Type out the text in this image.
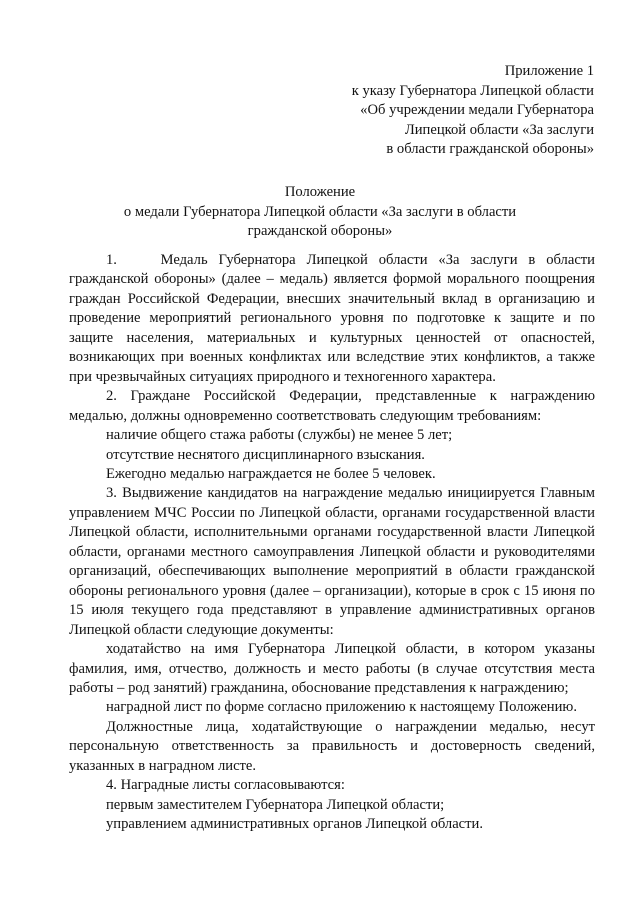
Приложение 1
к указу Губернатора Липецкой области
«Об учреждении медали Губернатора
Липецкой области «За заслуги
в области гражданской обороны»
Положение
о медали Губернатора Липецкой области «За заслуги в области
гражданской обороны»

1.    Медаль Губернатора Липецкой области «За заслуги в области гражданской обороны» (далее – медаль) является формой морального поощрения граждан Российской Федерации, внесших значительный вклад в организацию и проведение мероприятий регионального уровня по подготовке к защите и по защите населения, материальных и культурных ценностей от опасностей, возникающих при военных конфликтах или вследствие этих конфликтов, а также при чрезвычайных ситуациях природного и техногенного характера.

2. Граждане Российской Федерации, представленные к награждению медалью, должны одновременно соответствовать следующим требованиям:

наличие общего стажа работы (службы) не менее 5 лет;

отсутствие неснятого дисциплинарного взыскания.

Ежегодно медалью награждается не более 5 человек.

3. Выдвижение кандидатов на награждение медалью инициируется Главным управлением МЧС России по Липецкой области, органами государственной власти Липецкой области, исполнительными органами государственной власти Липецкой области, органами местного самоуправления Липецкой области и руководителями организаций, обеспечивающих выполнение мероприятий в области гражданской обороны регионального уровня (далее – организации), которые в срок с 15 июня по 15 июля текущего года представляют в управление административных органов Липецкой области следующие документы:

ходатайство на имя Губернатора Липецкой области, в котором указаны фамилия, имя, отчество, должность и место работы (в случае отсутствия места работы – род занятий) гражданина, обоснование представления к награждению;

наградной лист по форме согласно приложению к настоящему Положению.

Должностные лица, ходатайствующие о награждении медалью, несут персональную ответственность за правильность и достоверность сведений, указанных в наградном листе.

4. Наградные листы согласовываются:

первым заместителем Губернатора Липецкой области;

управлением административных органов Липецкой области.
